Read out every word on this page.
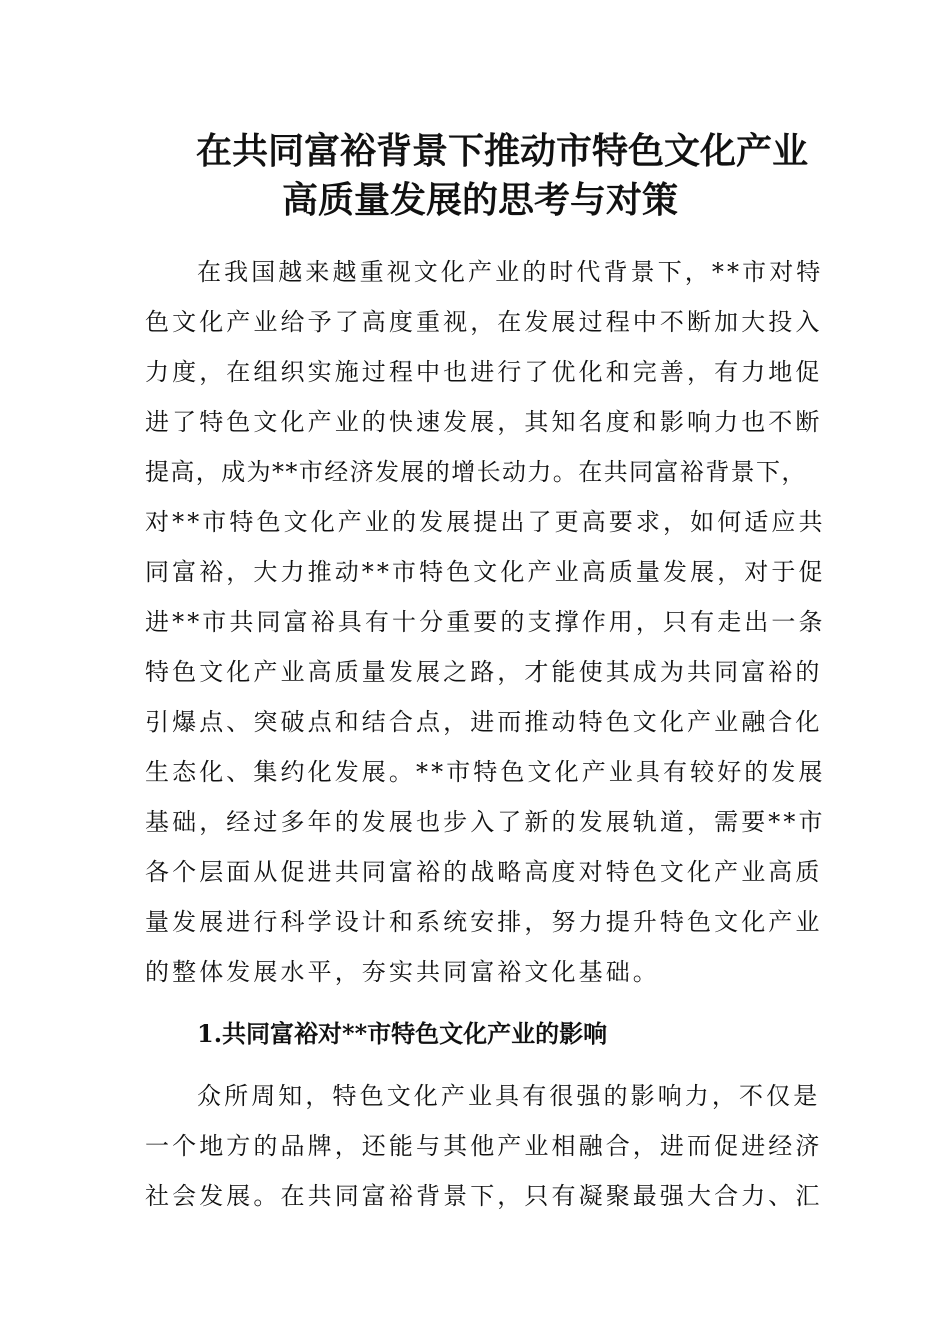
在共同富裕背景下推动市特色文化产业
高质量发展的思考与对策
在我国越来越重视文化产业的时代背景下，**市对特
色文化产业给予了高度重视，在发展过程中不断加大投入
力度，在组织实施过程中也进行了优化和完善，有力地促
进了特色文化产业的快速发展，其知名度和影响力也不断
提高，成为**市经济发展的增长动力。在共同富裕背景下，
对**市特色文化产业的发展提出了更高要求，如何适应共
同富裕，大力推动**市特色文化产业高质量发展，对于促
进**市共同富裕具有十分重要的支撑作用，只有走出一条
特色文化产业高质量发展之路，才能使其成为共同富裕的
引爆点、突破点和结合点，进而推动特色文化产业融合化
生态化、集约化发展。**市特色文化产业具有较好的发展
基础，经过多年的发展也步入了新的发展轨道，需要**市
各个层面从促进共同富裕的战略高度对特色文化产业高质
量发展进行科学设计和系统安排，努力提升特色文化产业
的整体发展水平，夯实共同富裕文化基础。
1.共同富裕对**市特色文化产业的影响
众所周知，特色文化产业具有很强的影响力，不仅是
一个地方的品牌，还能与其他产业相融合，进而促进经济
社会发展。在共同富裕背景下，只有凝聚最强大合力、汇
